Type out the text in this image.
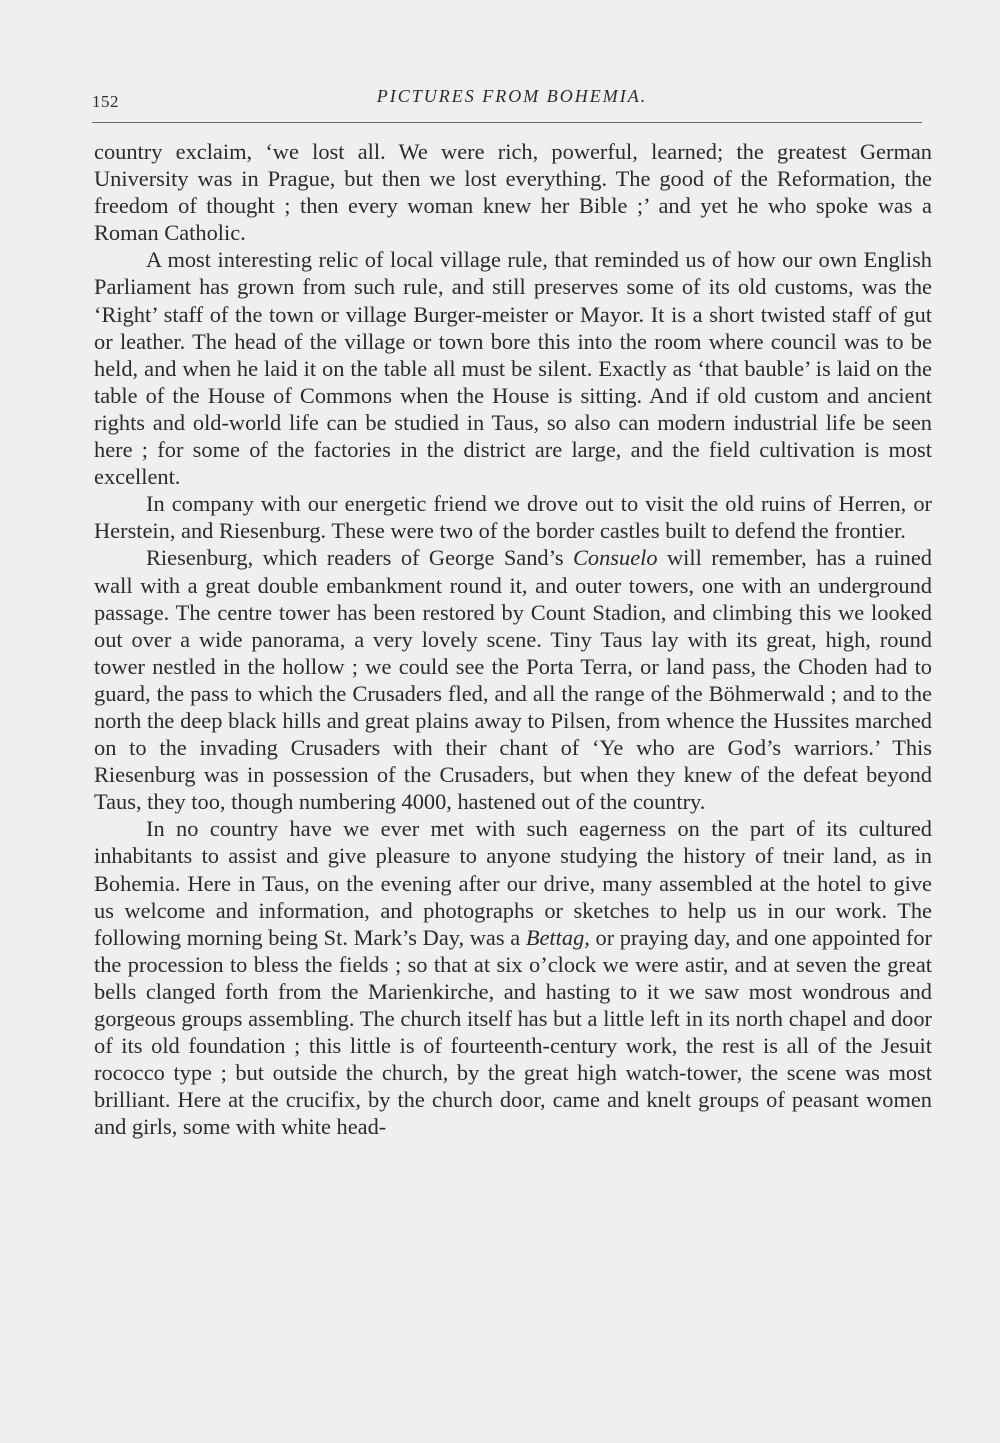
152	PICTURES FROM BOHEMIA.

country exclaim, ‘we lost all. We were rich, powerful, learned; the greatest German University was in Prague, but then we lost everything. The good of the Reformation, the freedom of thought ; then every woman knew her Bible ;’ and yet he who spoke was a Roman Catholic.

A most interesting relic of local village rule, that reminded us of how our own English Parliament has grown from such rule, and still preserves some of its old customs, was the ‘Right’ staff of the town or village Burger-meister or Mayor. It is a short twisted staff of gut or leather. The head of the village or town bore this into the room where council was to be held, and when he laid it on the table all must be silent. Exactly as ‘that bauble’ is laid on the table of the House of Commons when the House is sitting. And if old custom and ancient rights and old-world life can be studied in Taus, so also can modern industrial life be seen here ; for some of the factories in the district are large, and the field cultivation is most excellent.

In company with our energetic friend we drove out to visit the old ruins of Herren, or Herstein, and Riesenburg. These were two of the border castles built to defend the frontier.

Riesenburg, which readers of George Sand’s Consuelo will remember, has a ruined wall with a great double embankment round it, and outer towers, one with an underground passage. The centre tower has been restored by Count Stadion, and climbing this we looked out over a wide panorama, a very lovely scene. Tiny Taus lay with its great, high, round tower nestled in the hollow ; we could see the Porta Terra, or land pass, the Choden had to guard, the pass to which the Crusaders fled, and all the range of the Böhmerwald ; and to the north the deep black hills and great plains away to Pilsen, from whence the Hussites marched on to the invading Crusaders with their chant of ‘Ye who are God’s warriors.’ This Riesenburg was in possession of the Crusaders, but when they knew of the defeat beyond Taus, they too, though numbering 4000, hastened out of the country.

In no country have we ever met with such eagerness on the part of its cultured inhabitants to assist and give pleasure to anyone studying the history of tneir land, as in Bohemia. Here in Taus, on the evening after our drive, many assembled at the hotel to give us welcome and information, and photographs or sketches to help us in our work. The following morning being St. Mark’s Day, was a Bettag, or praying day, and one appointed for the procession to bless the fields ; so that at six o’clock we were astir, and at seven the great bells clanged forth from the Marienkirche, and hasting to it we saw most wondrous and gorgeous groups assembling. The church itself has but a little left in its north chapel and door of its old foundation ; this little is of fourteenth-century work, the rest is all of the Jesuit rococco type ; but outside the church, by the great high watch-tower, the scene was most brilliant. Here at the crucifix, by the church door, came and knelt groups of peasant women and girls, some with white head-
